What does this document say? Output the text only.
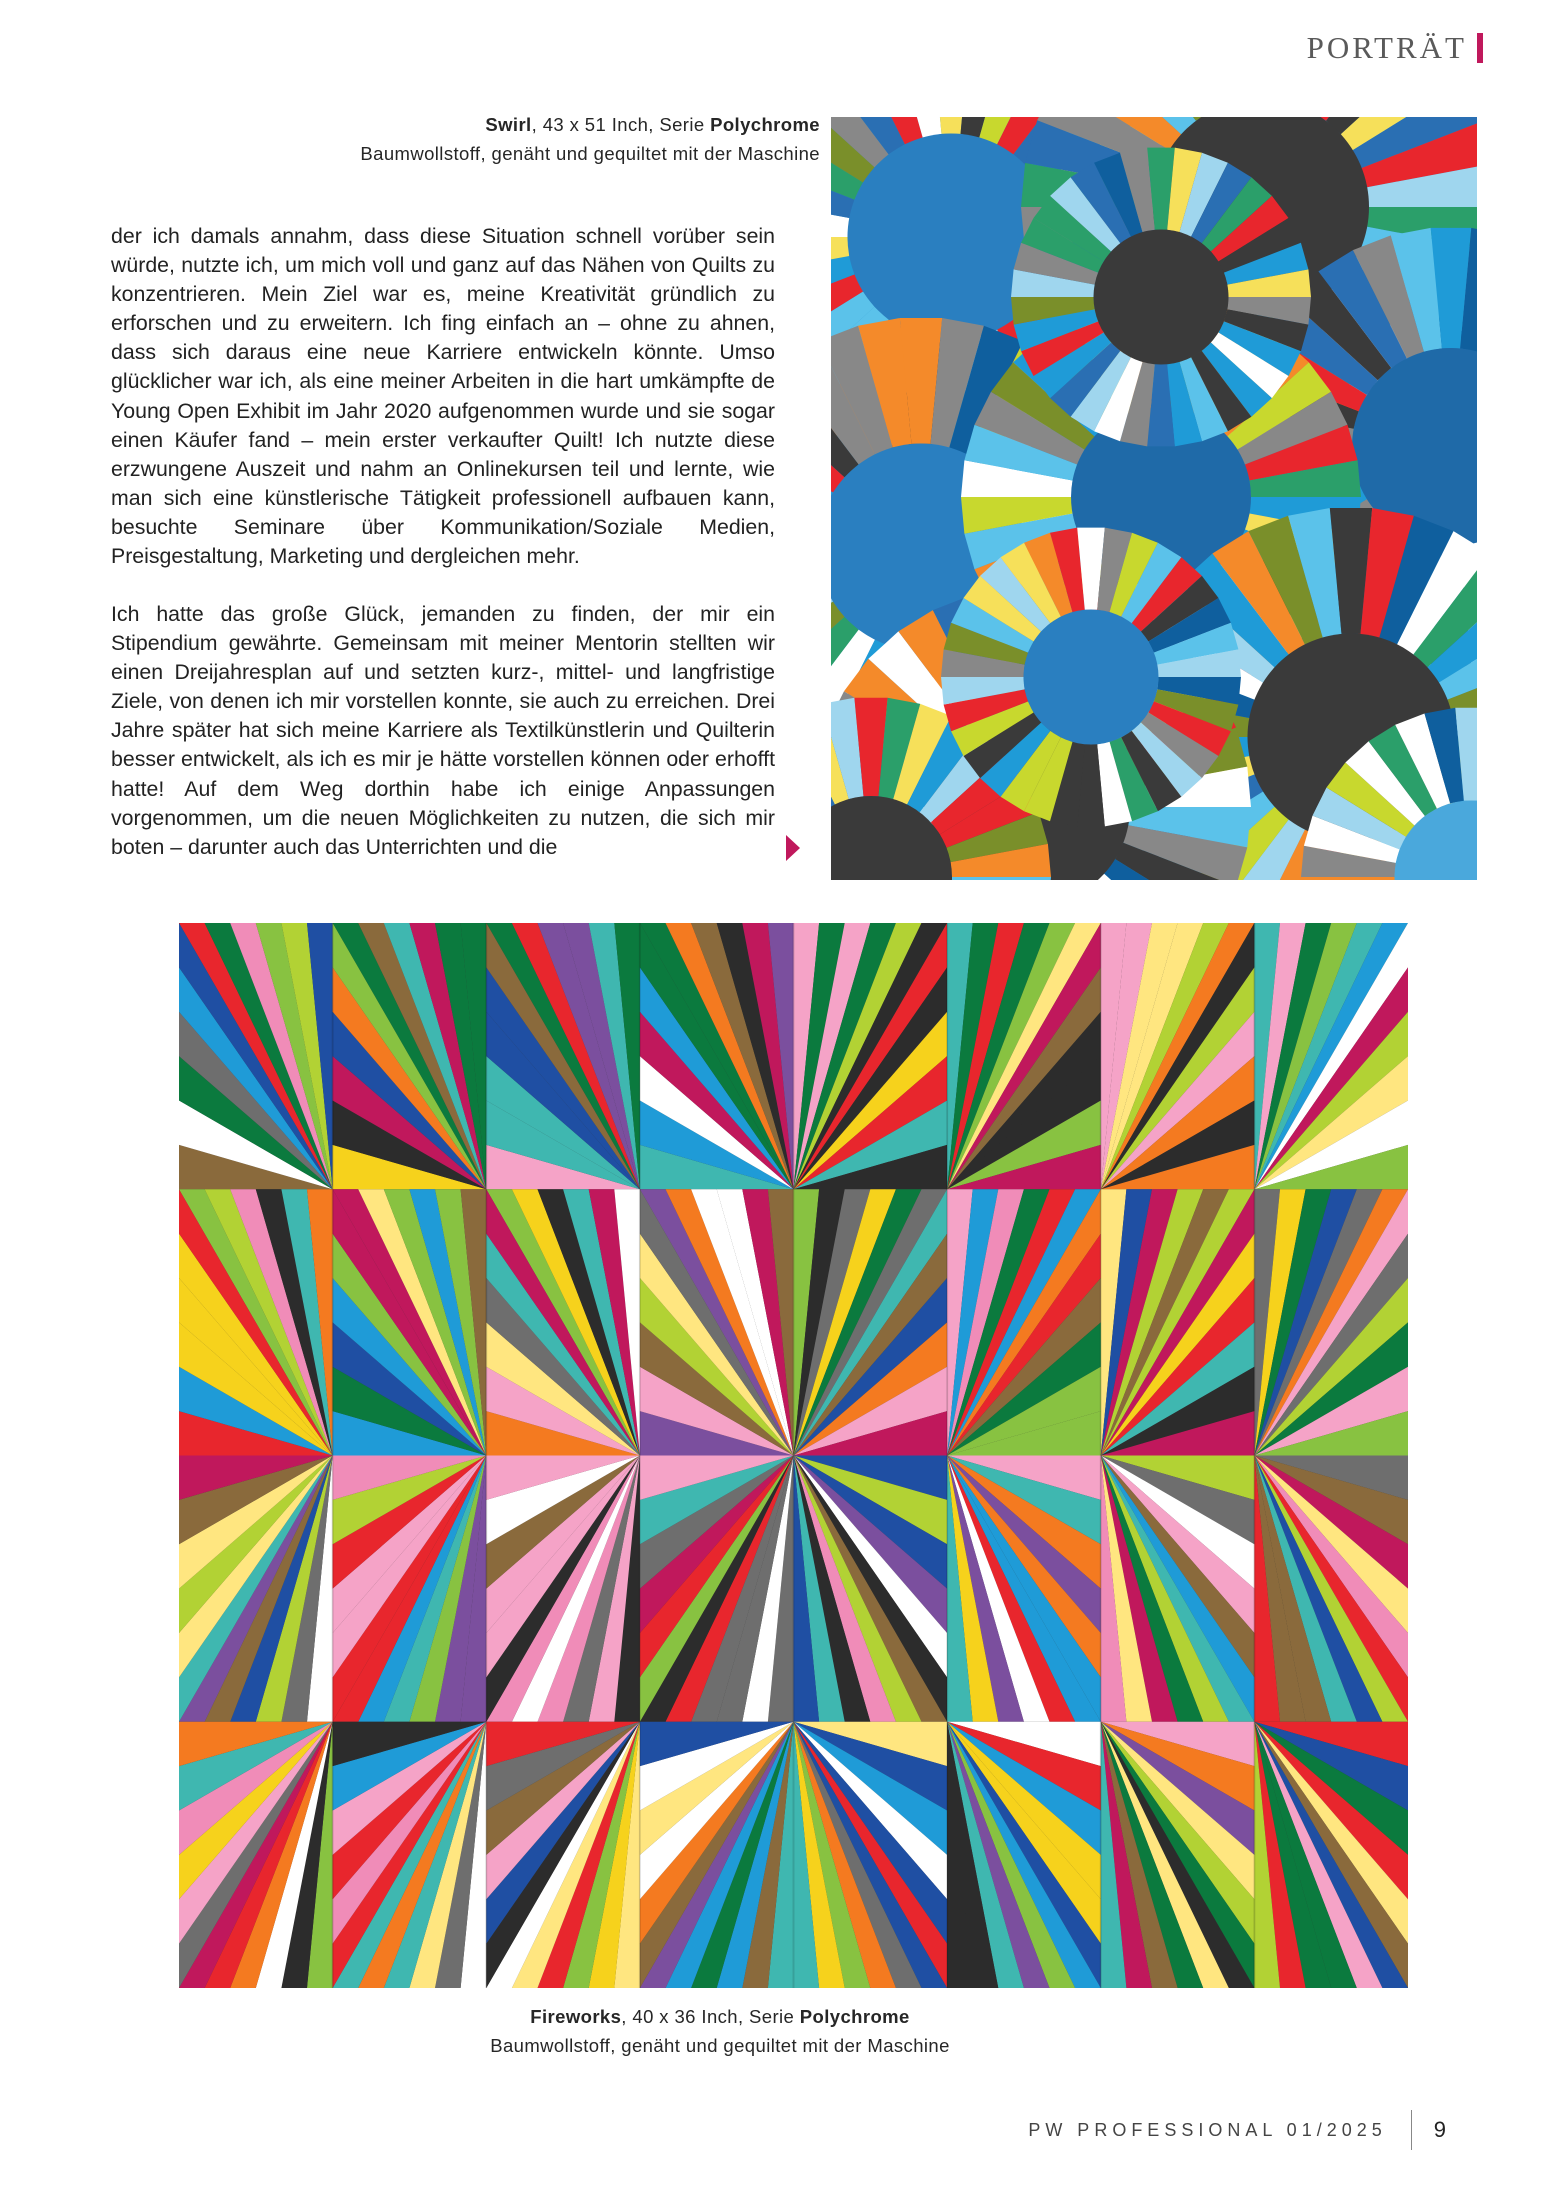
PORTRÄT
Swirl, 43 x 51 Inch, Serie Polychrome
Baumwollstoff, genäht und gequiltet mit der Maschine

der ich damals annahm, dass diese Situation schnell vorüber sein würde, nutzte ich, um mich voll und ganz auf das Nähen von Quilts zu konzentrieren. Mein Ziel war es, meine Kreativität gründlich zu erforschen und zu erweitern. Ich fing einfach an – ohne zu ahnen, dass sich daraus eine neue Karriere entwickeln könnte. Umso glücklicher war ich, als eine meiner Arbeiten in die hart umkämpfte de Young Open Exhibit im Jahr 2020 aufgenommen wurde und sie sogar einen Käufer fand – mein erster verkaufter Quilt! Ich nutzte diese erzwungene Auszeit und nahm an Onlinekursen teil und lernte, wie man sich eine künstlerische Tätigkeit professionell aufbauen kann, besuchte Seminare über Kommunikation/Soziale Medien, Preisgestaltung, Marketing und dergleichen mehr.

Ich hatte das große Glück, jemanden zu finden, der mir ein Stipendium gewährte. Gemeinsam mit meiner Mentorin stellten wir einen Dreijahresplan auf und setzten kurz-, mittel- und langfristige Ziele, von denen ich mir vorstellen konnte, sie auch zu erreichen. Drei Jahre später hat sich meine Karriere als Textilkünstlerin und Quilterin besser entwickelt, als ich es mir je hätte vorstellen können oder erhofft hatte! Auf dem Weg dorthin habe ich einige Anpassungen vorgenommen, um die neuen Möglichkeiten zu nutzen, die sich mir boten – darunter auch das Unterrichten und die

Fireworks, 40 x 36 Inch, Serie Polychrome
Baumwollstoff, genäht und gequiltet mit der Maschine
PW PROFESSIONAL 01/2025 9
